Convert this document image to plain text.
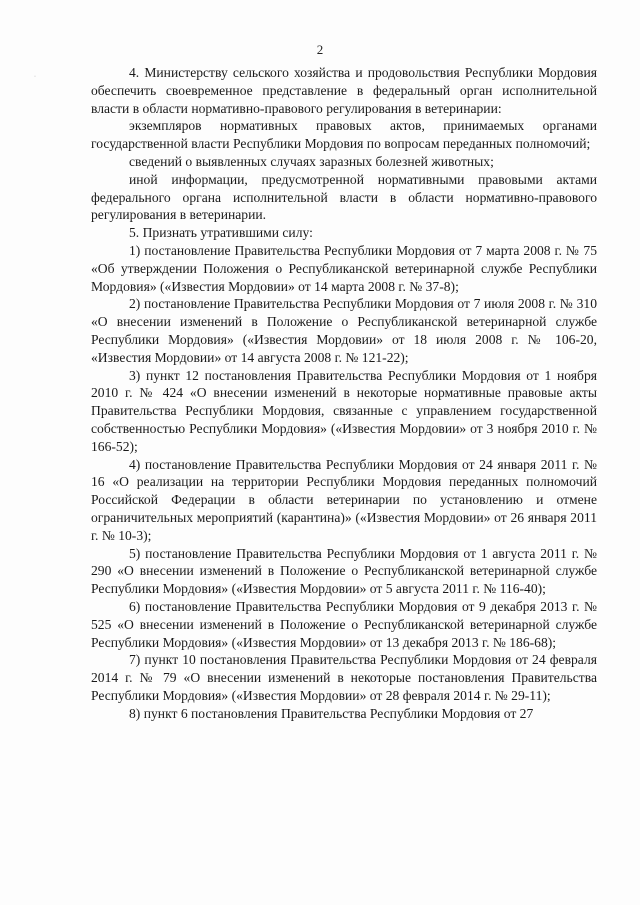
2
·	4. Министерству сельского хозяйства и продовольствия Республики Мордовия обеспечить своевременное представление в федеральный орган исполнительной власти в области нормативно-правового регулирования в ветеринарии:

экземпляров нормативных правовых актов, принимаемых органами государственной власти Республики Мордовия по вопросам переданных полномочий;

сведений о выявленных случаях заразных болезней животных;

иной информации, предусмотренной нормативными правовыми актами федерального органа исполнительной власти в области нормативно-правового регулирования в ветеринарии.

5. Признать утратившими силу:

1) постановление Правительства Республики Мордовия от 7 марта 2008 г. № 75 «Об утверждении Положения о Республиканской ветеринарной службе Республики Мордовия» («Известия Мордовии» от 14 марта 2008 г. № 37-8);

2) постановление Правительства Республики Мордовия от 7 июля 2008 г. № 310 «О внесении изменений в Положение о Республиканской ветеринарной службе Республики Мордовия» («Известия Мордовии» от 18 июля 2008 г. № 106-20, «Известия Мордовии» от 14 августа 2008 г. № 121-22);

3) пункт 12 постановления Правительства Республики Мордовия от 1 ноября 2010 г. № 424 «О внесении изменений в некоторые нормативные правовые акты Правительства Республики Мордовия, связанные с управлением государственной собственностью Республики Мордовия» («Известия Мордовии» от 3 ноября 2010 г. № 166-52);

4) постановление Правительства Республики Мордовия от 24 января 2011 г. № 16 «О реализации на территории Республики Мордовия переданных полномочий Российской Федерации в области ветеринарии по установлению и отмене ограничительных мероприятий (карантина)» («Известия Мордовии» от 26 января 2011 г. № 10-3);

5) постановление Правительства Республики Мордовия от 1 августа 2011 г. № 290 «О внесении изменений в Положение о Республиканской ветеринарной службе Республики Мордовия» («Известия Мордовии» от 5 августа 2011 г. № 116-40);

6) постановление Правительства Республики Мордовия от 9 декабря 2013 г. № 525 «О внесении изменений в Положение о Республиканской ветеринарной службе Республики Мордовия» («Известия Мордовии» от 13 декабря 2013 г. № 186-68);

7) пункт 10 постановления Правительства Республики Мордовия от 24 февраля 2014 г. № 79 «О внесении изменений в некоторые постановления Правительства Республики Мордовия» («Известия Мордовии» от 28 февраля 2014 г. № 29-11);

8) пункт 6 постановления Правительства Республики Мордовия от 27
